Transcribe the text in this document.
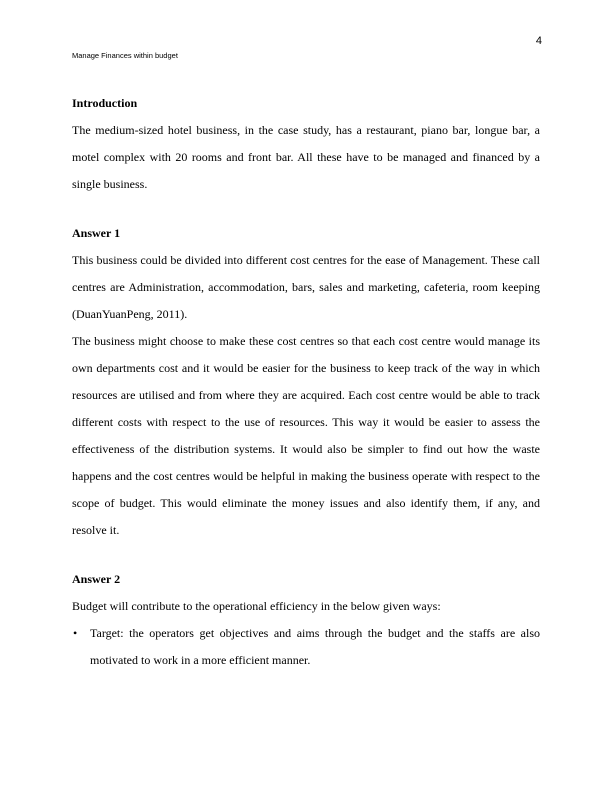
4
Manage Finances within budget
Introduction

The medium-sized hotel business, in the case study, has a restaurant, piano bar, longue bar, a motel complex with 20 rooms and front bar. All these have to be managed and financed by a single business.

Answer 1

This business could be divided into different cost centres for the ease of Management. These call centres are Administration, accommodation, bars, sales and marketing, cafeteria, room keeping (DuanYuanPeng, 2011).

The business might choose to make these cost centres so that each cost centre would manage its own departments cost and it would be easier for the business to keep track of the way in which resources are utilised and from where they are acquired. Each cost centre would be able to track different costs with respect to the use of resources. This way it would be easier to assess the effectiveness of the distribution systems. It would also be simpler to find out how the waste happens and the cost centres would be helpful in making the business operate with respect to the scope of budget. This would eliminate the money issues and also identify them, if any, and resolve it.

Answer 2

Budget will contribute to the operational efficiency in the below given ways:

• Target: the operators get objectives and aims through the budget and the staffs are also motivated to work in a more efficient manner.
